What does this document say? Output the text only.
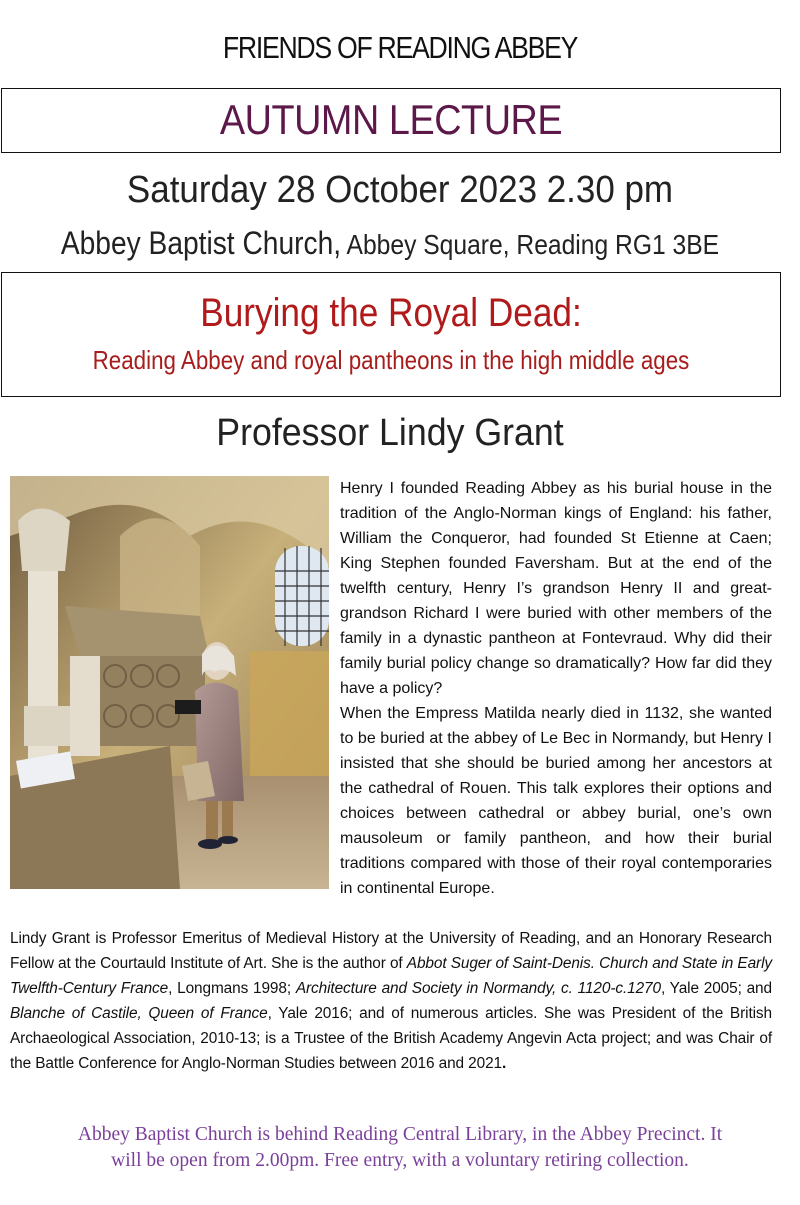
FRIENDS OF READING ABBEY
AUTUMN LECTURE
Saturday 28 October 2023 2.30 pm
Abbey Baptist Church, Abbey Square, Reading RG1 3BE
Burying the Royal Dead:
Reading Abbey and royal pantheons in the high middle ages
Professor Lindy Grant

Henry I founded Reading Abbey as his burial house in the tradition of the Anglo-Norman kings of England: his father, William the Conqueror, had founded St Etienne at Caen; King Stephen founded Faversham. But at the end of the twelfth century, Henry I’s grandson Henry II and great-grandson Richard I were buried with other members of the family in a dynastic pantheon at Fontevraud. Why did their family burial policy change so dramatically? How far did they have a policy?

When the Empress Matilda nearly died in 1132, she wanted to be buried at the abbey of Le Bec in Normandy, but Henry I insisted that she should be buried among her ancestors at the cathedral of Rouen. This talk explores their options and choices between cathedral or abbey burial, one’s own mausoleum or family pantheon, and how their burial traditions compared with those of their royal contemporaries in continental Europe.

Lindy Grant is Professor Emeritus of Medieval History at the University of Reading, and an Honorary Research Fellow at the Courtauld Institute of Art. She is the author of Abbot Suger of Saint-Denis. Church and State in Early Twelfth-Century France, Longmans 1998; Architecture and Society in Normandy, c. 1120-c.1270, Yale 2005; and Blanche of Castile, Queen of France, Yale 2016; and of numerous articles. She was President of the British Archaeological Association, 2010-13; is a Trustee of the British Academy Angevin Acta project; and was Chair of the Battle Conference for Anglo-Norman Studies between 2016 and 2021.
Abbey Baptist Church is behind Reading Central Library, in the Abbey Precinct. It
will be open from 2.00pm. Free entry, with a voluntary retiring collection.
